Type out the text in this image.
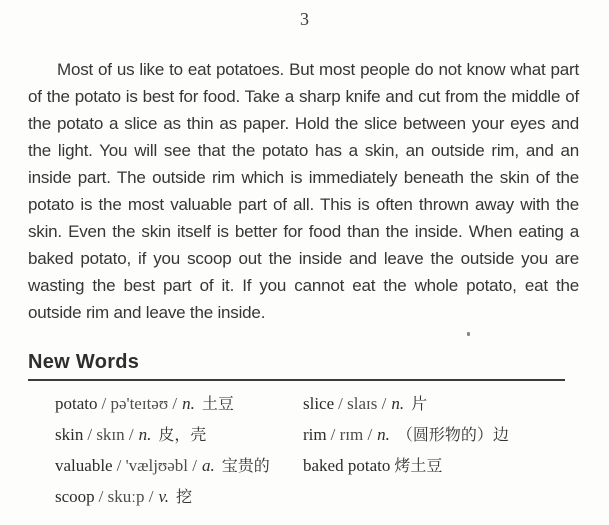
3

Most of us like to eat potatoes. But most people do not know what part of the potato is best for food. Take a sharp knife and cut from the middle of the potato a slice as thin as paper. Hold the slice between your eyes and the light. You will see that the potato has a skin, an outside rim, and an inside part. The outside rim which is immediately beneath the skin of the potato is the most valuable part of all. This is often thrown away with the skin. Even the skin itself is better for food than the inside. When eating a baked potato, if you scoop out the inside and leave the outside you are wasting the best part of it. If you cannot eat the whole potato, eat the outside rim and leave the inside.

New Words
potato / pə'teɪtəʊ / n. 土豆	slice / slaɪs / n. 片
skin / skɪn / n. 皮，壳	rim / rɪm / n. （圆形物的）边
valuable / 'væljʊəbl / a. 宝贵的	baked potato 烤土豆
scoop / skuːp / v. 挖
